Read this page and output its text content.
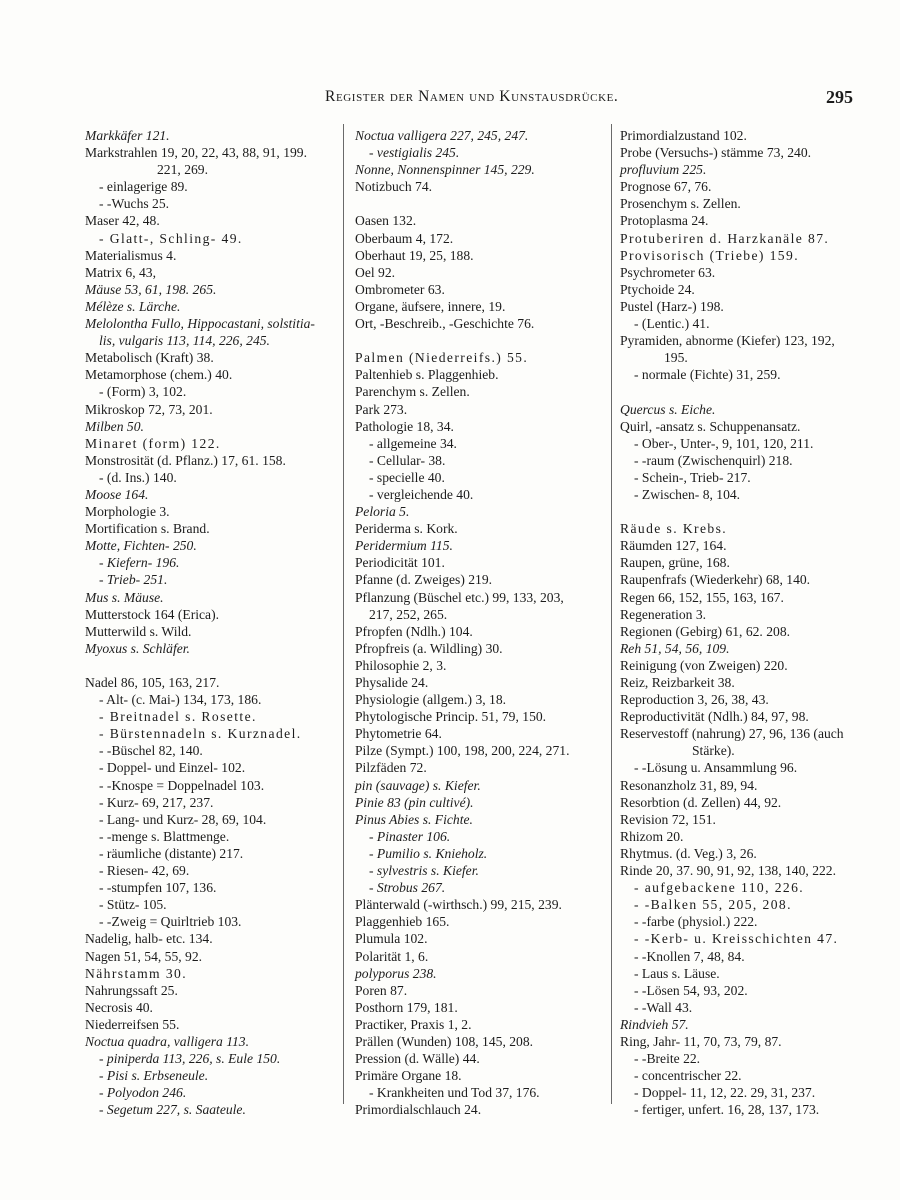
Register der Namen und Kunstausdrücke.	295
Markkäfer 121.
Markstrahlen 19, 20, 22, 43, 88, 91, 199.
221, 269.
- einlagerige 89.
- -Wuchs 25.
Maser 42, 48.
- Glatt-, Schling- 49.
Materialismus 4.
Matrix 6, 43,
Mäuse 53, 61, 198. 265.
Mélèze s. Lärche.
Melolontha Fullo, Hippocastani, solstitia-
lis, vulgaris 113, 114, 226, 245.
Metabolisch (Kraft) 38.
Metamorphose (chem.) 40.
- (Form) 3, 102.
Mikroskop 72, 73, 201.
Milben 50.
Minaret (form) 122.
Monstrosität (d. Pflanz.) 17, 61. 158.
- (d. Ins.) 140.
Moose 164.
Morphologie 3.
Mortification s. Brand.
Motte, Fichten- 250.
- Kiefern- 196.
- Trieb- 251.
Mus s. Mäuse.
Mutterstock 164 (Erica).
Mutterwild s. Wild.
Myoxus s. Schläfer.
Nadel 86, 105, 163, 217.
- Alt- (c. Mai-) 134, 173, 186.
- Breitnadel s. Rosette.
- Bürstennadeln s. Kurznadel.
- -Büschel 82, 140.
- Doppel- und Einzel- 102.
- -Knospe = Doppelnadel 103.
- Kurz- 69, 217, 237.
- Lang- und Kurz- 28, 69, 104.
- -menge s. Blattmenge.
- räumliche (distante) 217.
- Riesen- 42, 69.
- -stumpfen 107, 136.
- Stütz- 105.
- -Zweig = Quirltrieb 103.
Nadelig, halb- etc. 134.
Nagen 51, 54, 55, 92.
Nährstamm 30.
Nahrungssaft 25.
Necrosis 40.
Niederreifsen 55.
Noctua quadra, valligera 113.
- piniperda 113, 226, s. Eule 150.
- Pisi s. Erbseneule.
- Polyodon 246.
- Segetum 227, s. Saateule.
Noctua valligera 227, 245, 247.
- vestigialis 245.
Nonne, Nonnenspinner 145, 229.
Notizbuch 74.
Oasen 132.
Oberbaum 4, 172.
Oberhaut 19, 25, 188.
Oel 92.
Ombrometer 63.
Organe, äufsere, innere, 19.
Ort, -Beschreib., -Geschichte 76.
Palmen (Niederreifs.) 55.
Paltenhieb s. Plaggenhieb.
Parenchym s. Zellen.
Park 273.
Pathologie 18, 34.
- allgemeine 34.
- Cellular- 38.
- specielle 40.
- vergleichende 40.
Peloria 5.
Periderma s. Kork.
Peridermium 115.
Periodicität 101.
Pfanne (d. Zweiges) 219.
Pflanzung (Büschel etc.) 99, 133, 203,
217, 252, 265.
Pfropfen (Ndlh.) 104.
Pfropfreis (a. Wildling) 30.
Philosophie 2, 3.
Physalide 24.
Physiologie (allgem.) 3, 18.
Phytologische Princip. 51, 79, 150.
Phytometrie 64.
Pilze (Sympt.) 100, 198, 200, 224, 271.
Pilzfäden 72.
pin (sauvage) s. Kiefer.
Pinie 83 (pin cultivé).
Pinus Abies s. Fichte.
- Pinaster 106.
- Pumilio s. Knieholz.
- sylvestris s. Kiefer.
- Strobus 267.
Plänterwald (-wirthsch.) 99, 215, 239.
Plaggenhieb 165.
Plumula 102.
Polarität 1, 6.
polyporus 238.
Poren 87.
Posthorn 179, 181.
Practiker, Praxis 1, 2.
Prällen (Wunden) 108, 145, 208.
Pression (d. Wälle) 44.
Primäre Organe 18.
- Krankheiten und Tod 37, 176.
Primordialschlauch 24.
Primordialzustand 102.
Probe (Versuchs-) stämme 73, 240.
profluvium 225.
Prognose 67, 76.
Prosenchym s. Zellen.
Protoplasma 24.
Protuberiren d. Harzkanäle 87.
Provisorisch (Triebe) 159.
Psychrometer 63.
Ptychoide 24.
Pustel (Harz-) 198.
- (Lentic.) 41.
Pyramiden, abnorme (Kiefer) 123, 192,
195.
- normale (Fichte) 31, 259.
Quercus s. Eiche.
Quirl, -ansatz s. Schuppenansatz.
- Ober-, Unter-, 9, 101, 120, 211.
- -raum (Zwischenquirl) 218.
- Schein-, Trieb- 217.
- Zwischen- 8, 104.
Räude s. Krebs.
Räumden 127, 164.
Raupen, grüne, 168.
Raupenfrafs (Wiederkehr) 68, 140.
Regen 66, 152, 155, 163, 167.
Regeneration 3.
Regionen (Gebirg) 61, 62. 208.
Reh 51, 54, 56, 109.
Reinigung (von Zweigen) 220.
Reiz, Reizbarkeit 38.
Reproduction 3, 26, 38, 43.
Reproductivität (Ndlh.) 84, 97, 98.
Reservestoff (nahrung) 27, 96, 136 (auch
Stärke).
- -Lösung u. Ansammlung 96.
Resonanzholz 31, 89, 94.
Resorbtion (d. Zellen) 44, 92.
Revision 72, 151.
Rhizom 20.
Rhytmus. (d. Veg.) 3, 26.
Rinde 20, 37. 90, 91, 92, 138, 140, 222.
- aufgebackene 110, 226.
- -Balken 55, 205, 208.
- -farbe (physiol.) 222.
- -Kerb- u. Kreisschichten 47.
- -Knollen 7, 48, 84.
- Laus s. Läuse.
- -Lösen 54, 93, 202.
- -Wall 43.
Rindvieh 57.
Ring, Jahr- 11, 70, 73, 79, 87.
- -Breite 22.
- concentrischer 22.
- Doppel- 11, 12, 22. 29, 31, 237.
- fertiger, unfert. 16, 28, 137, 173.
